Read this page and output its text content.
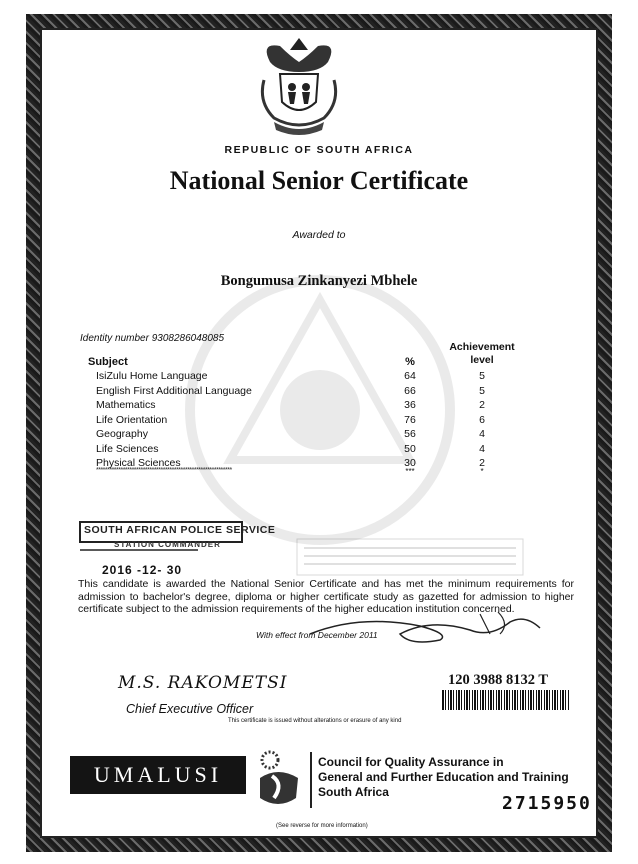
REPUBLIC OF SOUTH AFRICA
National Senior Certificate
Awarded to
Bongumusa Zinkanyezi Mbhele
Identity number 9308286048085
Achievement
level
Subject	%
IsiZulu Home Language	64	5
English First Additional Language	66	5
Mathematics	36	2
Life Orientation	76	6
Geography	56	4
Life Sciences	50	4
Physical Sciences	30	2
*************************************************************	***	*
SOUTH AFRICAN POLICE SERVICE
STATION COMMANDER
2016 -12- 30
This candidate is awarded the National Senior Certificate and has met the minimum requirements for admission to bachelor's degree, diploma or higher certificate study as gazetted for admission to higher certificate subject to the admission requirements of the higher education institution concerned.
With effect from December 2011
M.S. RAKOMETSI
Chief Executive Officer
This certificate is issued without alterations or erasure of any kind
120 3988 8132 T
UMALUSI	Council for Quality Assurance in
General and Further Education and Training
South Africa
2715950
(See reverse for more information)
